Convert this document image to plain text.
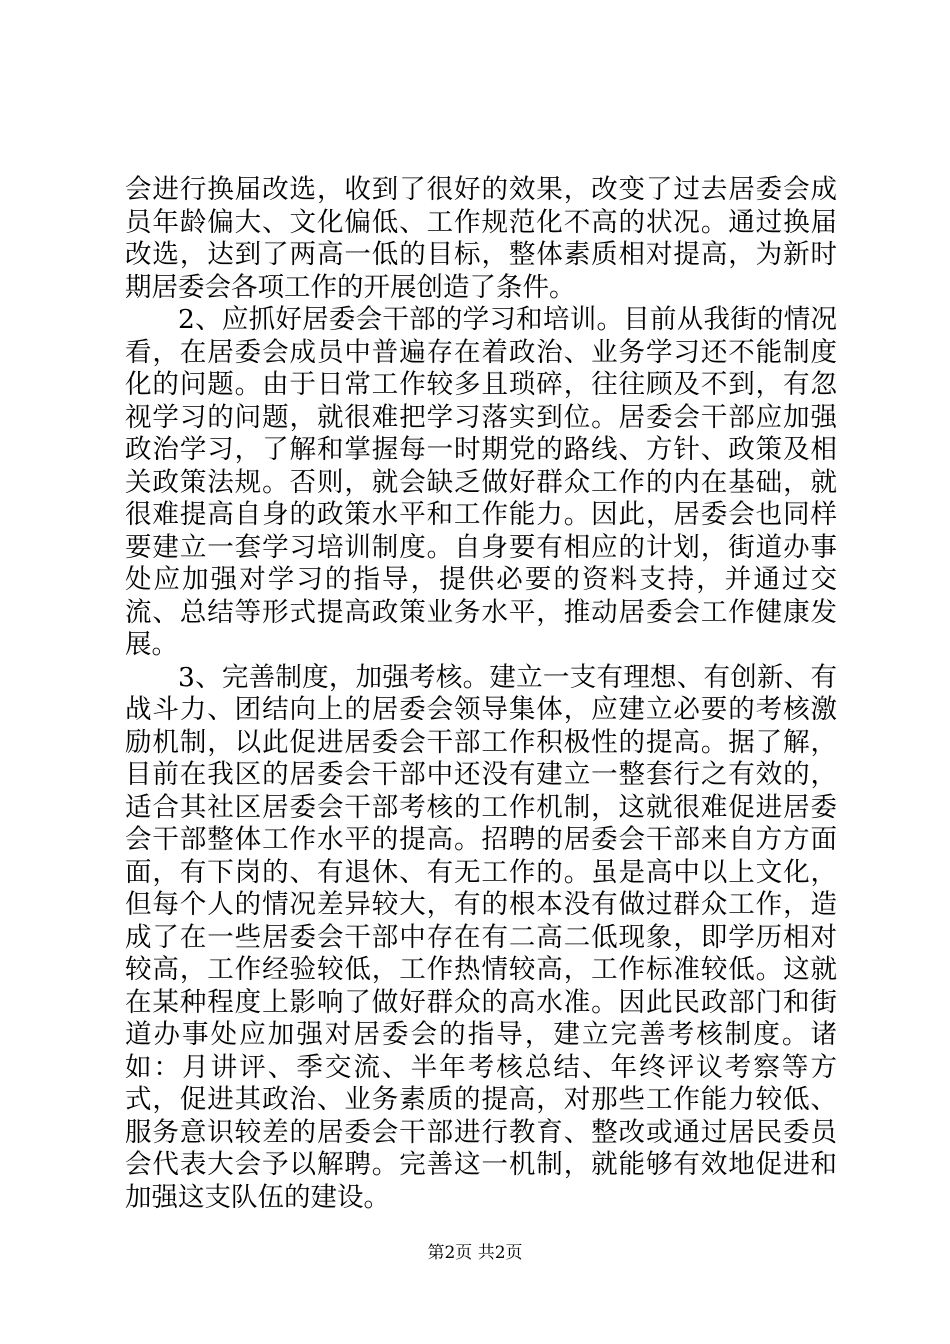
会进行换届改选，收到了很好的效果，改变了过去居委会成员年龄偏大、文化偏低、工作规范化不高的状况。通过换届改选，达到了两高一低的目标，整体素质相对提高，为新时期居委会各项工作的开展创造了条件。

2、应抓好居委会干部的学习和培训。目前从我街的情况看，在居委会成员中普遍存在着政治、业务学习还不能制度化的问题。由于日常工作较多且琐碎，往往顾及不到，有忽视学习的问题，就很难把学习落实到位。居委会干部应加强政治学习，了解和掌握每一时期党的路线、方针、政策及相关政策法规。否则，就会缺乏做好群众工作的内在基础，就很难提高自身的政策水平和工作能力。因此，居委会也同样要建立一套学习培训制度。自身要有相应的计划，街道办事处应加强对学习的指导，提供必要的资料支持，并通过交流、总结等形式提高政策业务水平，推动居委会工作健康发展。

3、完善制度，加强考核。建立一支有理想、有创新、有战斗力、团结向上的居委会领导集体，应建立必要的考核激励机制，以此促进居委会干部工作积极性的提高。据了解，目前在我区的居委会干部中还没有建立一整套行之有效的，适合其社区居委会干部考核的工作机制，这就很难促进居委会干部整体工作水平的提高。招聘的居委会干部来自方方面面，有下岗的、有退休、有无工作的。虽是高中以上文化，但每个人的情况差异较大，有的根本没有做过群众工作，造成了在一些居委会干部中存在有二高二低现象，即学历相对较高，工作经验较低，工作热情较高，工作标准较低。这就在某种程度上影响了做好群众的高水准。因此民政部门和街道办事处应加强对居委会的指导，建立完善考核制度。诸如：月讲评、季交流、半年考核总结、年终评议考察等方式，促进其政治、业务素质的提高，对那些工作能力较低、服务意识较差的居委会干部进行教育、整改或通过居民委员会代表大会予以解聘。完善这一机制，就能够有效地促进和加强这支队伍的建设。

第2页 共2页
